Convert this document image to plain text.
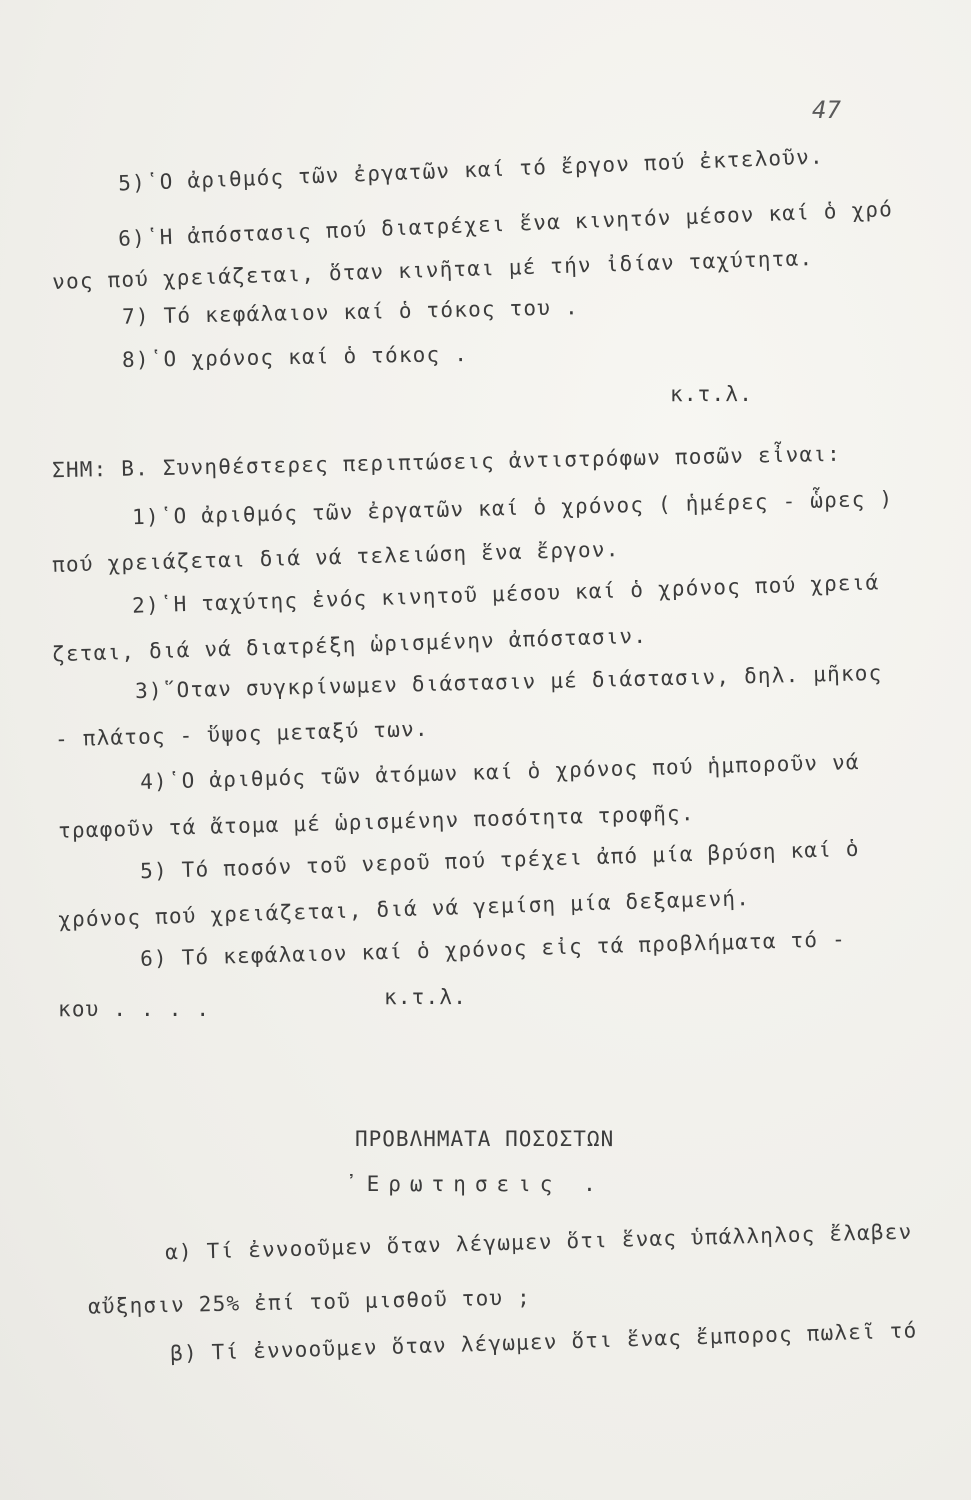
47
5)῾Ο ἀριθμός τῶν ἐργατῶν καί τό ἔργον πού ἐκτελοῦν.
6)῾Η ἀπόστασις πού διατρέχει ἕνα κινητόν μέσον καί ὁ χρό
νος πού χρειάζεται, ὅταν κινῆται μέ τήν ἰδίαν ταχύτητα.
7) Τό κεφάλαιον καί ὁ τόκος του .
8)῾Ο χρόνος καί ὁ τόκος .
κ.τ.λ.
ΣΗΜ: Β. Συνηθέστερες περιπτώσεις ἀντιστρόφων ποσῶν εἶναι:
1)῾Ο ἀριθμός τῶν ἐργατῶν καί ὁ χρόνος ( ἡμέρες - ὧρες )
πού χρειάζεται διά νά τελειώση ἕνα ἔργον.
2)῾Η ταχύτης ἑνός κινητοῦ μέσου καί ὁ χρόνος πού χρειά
ζεται, διά νά διατρέξη ὡρισμένην ἀπόστασιν.
3)῞Οταν συγκρίνωμεν διάστασιν μέ διάστασιν, δηλ. μῆκος
- πλάτος - ὕψος μεταξύ των.
4)῾Ο ἀριθμός τῶν ἀτόμων καί ὁ χρόνος πού ἡμποροῦν νά
τραφοῦν τά ἄτομα μέ ὡρισμένην ποσότητα τροφῆς.
5) Τό ποσόν τοῦ νεροῦ πού τρέχει ἀπό μία βρύση καί ὁ
χρόνος πού χρειάζεται, διά νά γεμίση μία δεξαμενή.
6) Τό κεφάλαιον καί ὁ χρόνος εἰς τά προβλήματα τό -
κου . . . .	κ.τ.λ.
ΠΡΟΒΛΗΜΑΤΑ ΠΟΣΟΣΤΩΝ
᾿Ερωτησεις .
α) Τί ἐννοοῦμεν ὅταν λέγωμεν ὅτι ἕνας ὑπάλληλος ἔλαβεν
αὔξησιν 25% ἐπί τοῦ μισθοῦ του ;
β) Τί ἐννοοῦμεν ὅταν λέγωμεν ὅτι ἕνας ἔμπορος πωλεῖ τό
